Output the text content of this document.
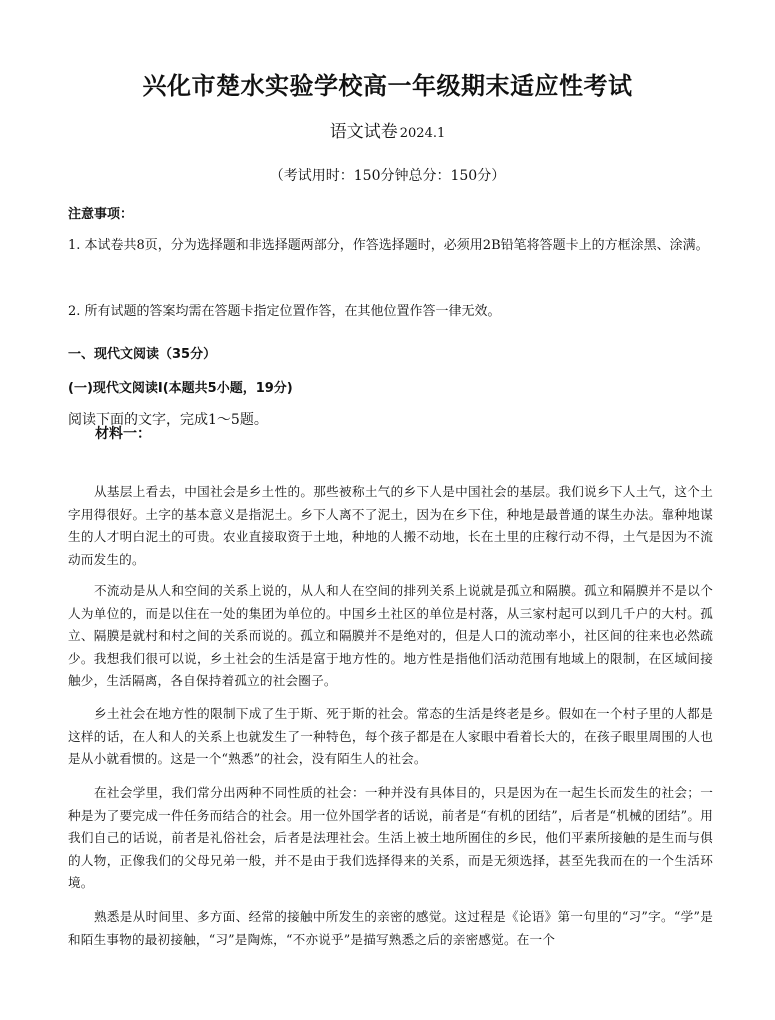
兴化市楚水实验学校高一年级期末适应性考试
语文试卷 2024.1
（考试用时：150分钟总分：150分）
注意事项：
1. 本试卷共8页，分为选择题和非选择题两部分，作答选择题时，必须用2B铅笔将答题卡上的方框涂黑、涂满。
2. 所有试题的答案均需在答题卡指定位置作答，在其他位置作答一律无效。
一、现代文阅读（35分）
(一)现代文阅读Ⅰ(本题共5小题，19分)
阅读下面的文字，完成1～5题。
材料一：
从基层上看去，中国社会是乡土性的。那些被称土气的乡下人是中国社会的基层。我们说乡下人土气，这个土字用得很好。土字的基本意义是指泥土。乡下人离不了泥土，因为在乡下住，种地是最普通的谋生办法。靠种地谋生的人才明白泥土的可贵。农业直接取资于土地，种地的人搬不动地，长在土里的庄稼行动不得，土气是因为不流动而发生的。
不流动是从人和空间的关系上说的，从人和人在空间的排列关系上说就是孤立和隔膜。孤立和隔膜并不是以个人为单位的，而是以住在一处的集团为单位的。中国乡土社区的单位是村落，从三家村起可以到几千户的大村。孤立、隔膜是就村和村之间的关系而说的。孤立和隔膜并不是绝对的，但是人口的流动率小，社区间的往来也必然疏少。我想我们很可以说，乡土社会的生活是富于地方性的。地方性是指他们活动范围有地域上的限制，在区域间接触少，生活隔离，各自保持着孤立的社会圈子。
乡土社会在地方性的限制下成了生于斯、死于斯的社会。常态的生活是终老是乡。假如在一个村子里的人都是这样的话，在人和人的关系上也就发生了一种特色，每个孩子都是在人家眼中看着长大的，在孩子眼里周围的人也是从小就看惯的。这是一个“熟悉”的社会，没有陌生人的社会。
在社会学里，我们常分出两种不同性质的社会：一种并没有具体目的，只是因为在一起生长而发生的社会；一种是为了要完成一件任务而结合的社会。用一位外国学者的话说，前者是“有机的团结”，后者是“机械的团结”。用我们自己的话说，前者是礼俗社会，后者是法理社会。生活上被土地所囿住的乡民，他们平素所接触的是生而与俱的人物，正像我们的父母兄弟一般，并不是由于我们选择得来的关系，而是无须选择，甚至先我而在的一个生活环境。
熟悉是从时间里、多方面、经常的接触中所发生的亲密的感觉。这过程是《论语》第一句里的“习”字。“学”是和陌生事物的最初接触，“习”是陶炼，“不亦说乎”是描写熟悉之后的亲密感觉。在一个
